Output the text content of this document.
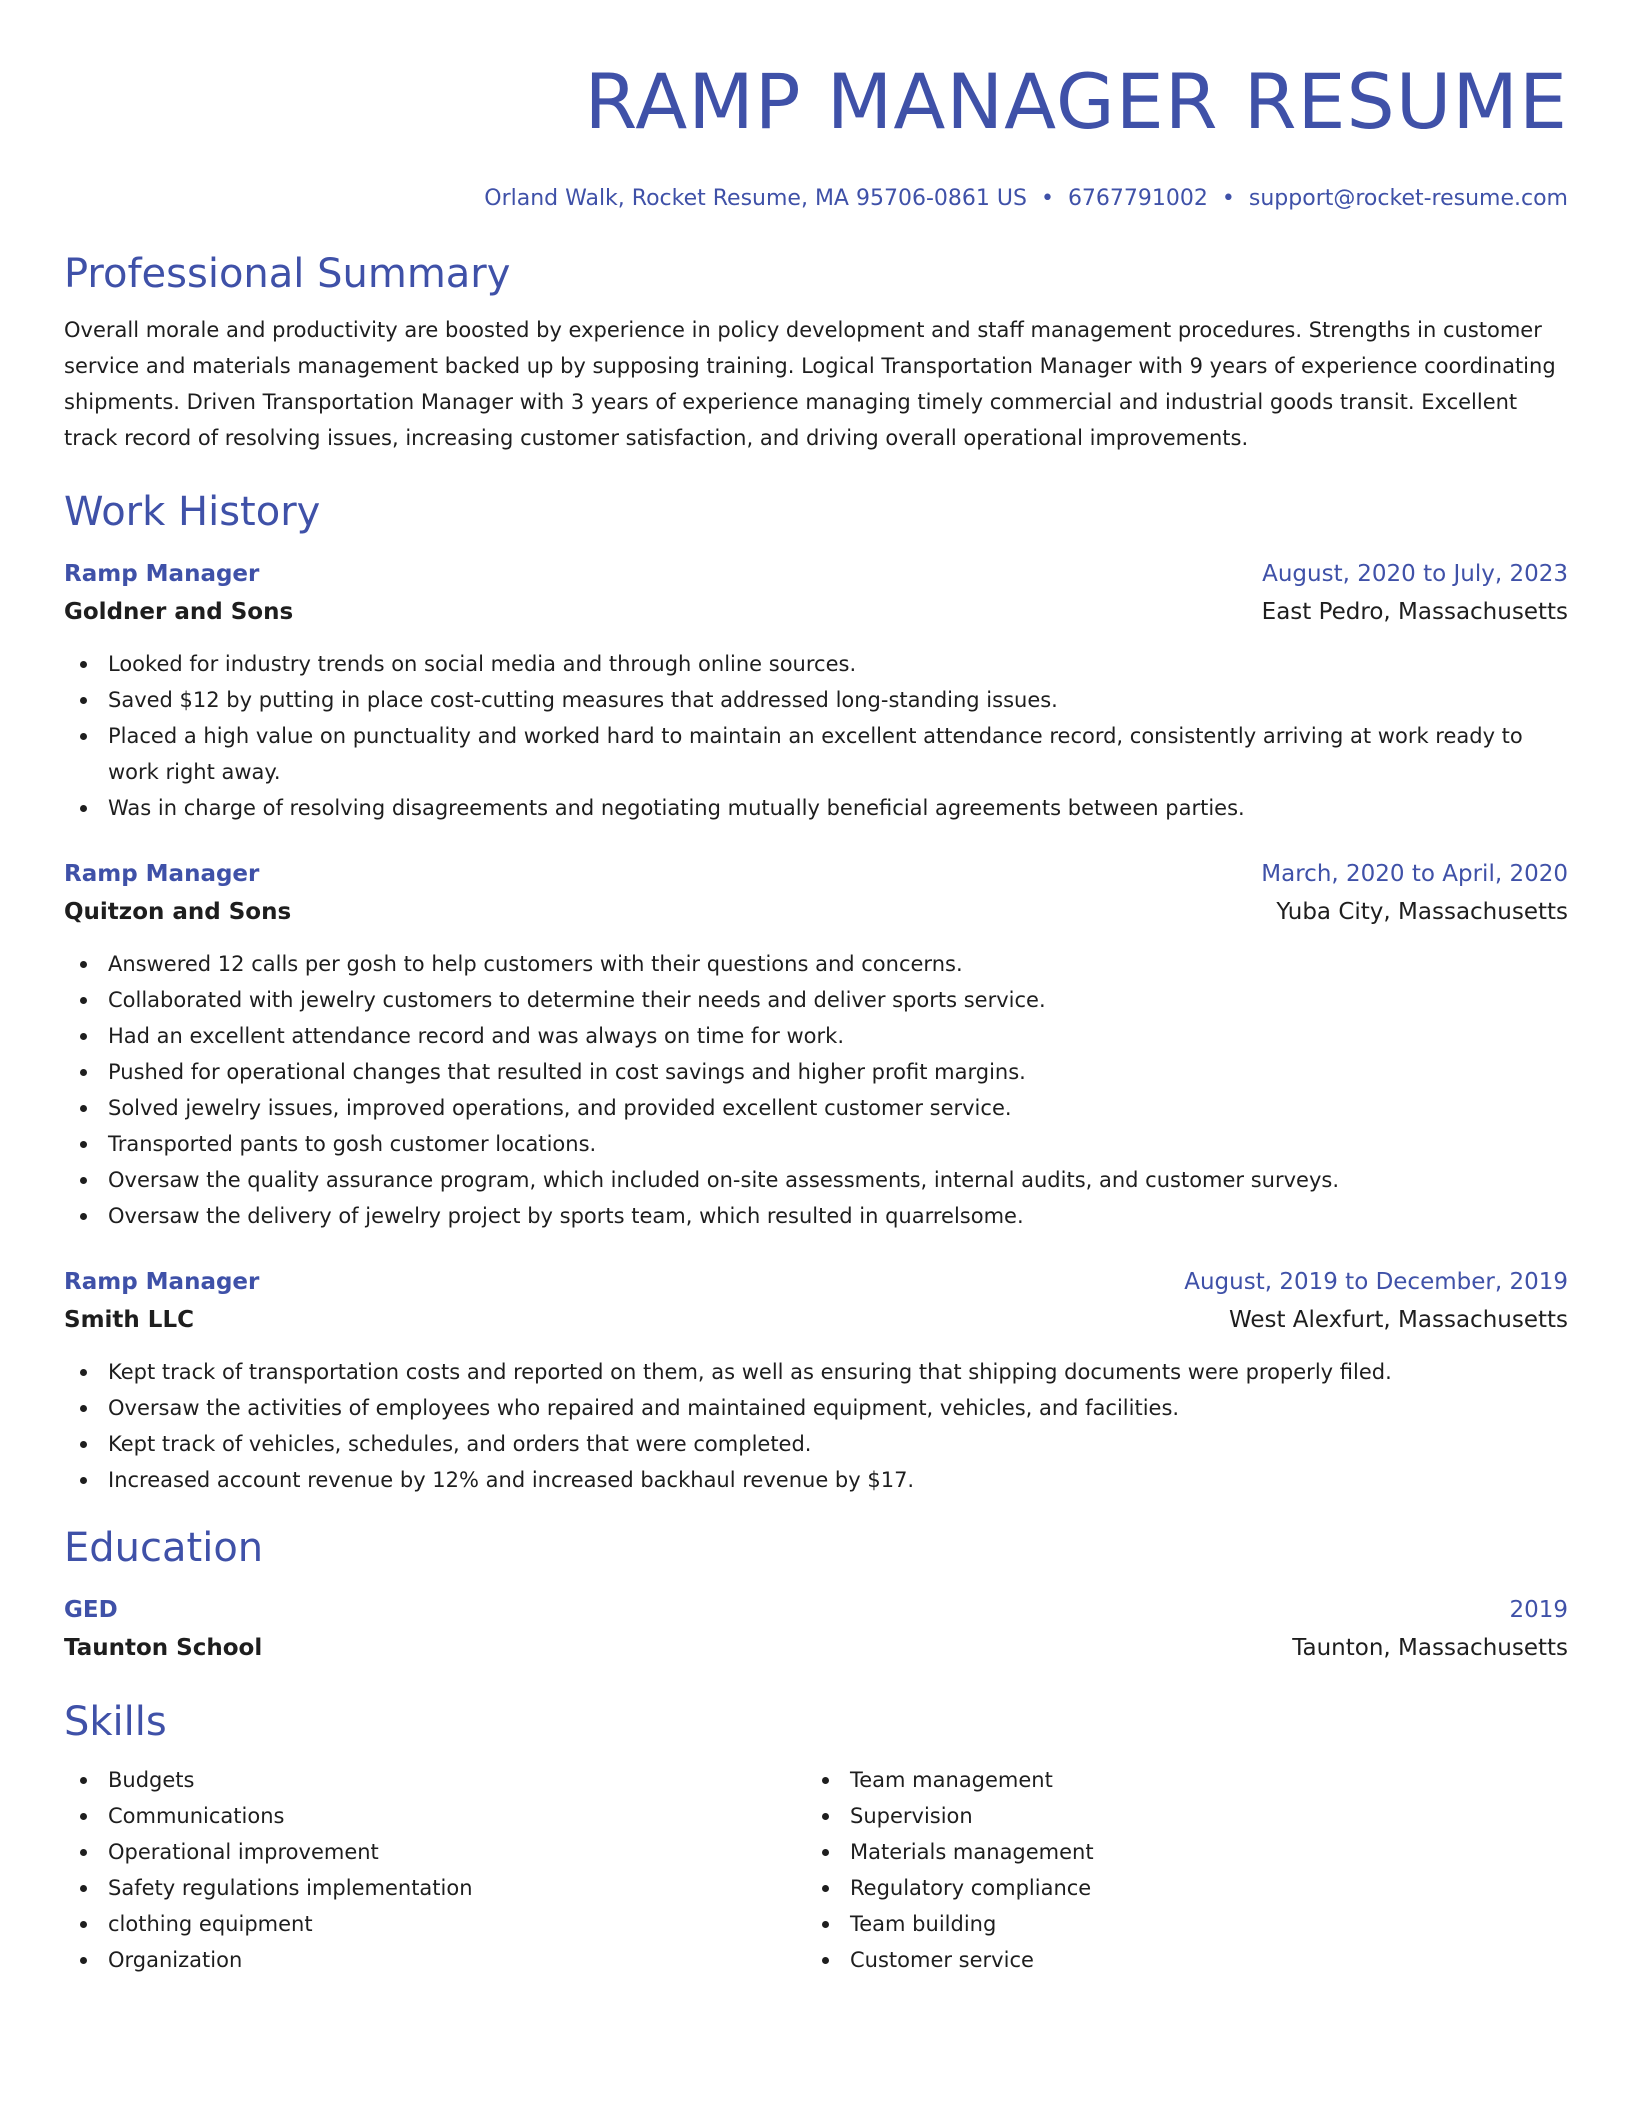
RAMP MANAGER RESUME
Orland Walk, Rocket Resume, MA 95706-0861 US • 6767791002 • support@rocket-resume.com
Professional Summary
Overall morale and productivity are boosted by experience in policy development and staff management procedures. Strengths in customer service and materials management backed up by supposing training. Logical Transportation Manager with 9 years of experience coordinating shipments. Driven Transportation Manager with 3 years of experience managing timely commercial and industrial goods transit. Excellent track record of resolving issues, increasing customer satisfaction, and driving overall operational improvements.
Work History
Ramp Manager	August, 2020 to July, 2023
Goldner and Sons	East Pedro, Massachusetts
Looked for industry trends on social media and through online sources.
Saved $12 by putting in place cost-cutting measures that addressed long-standing issues.
Placed a high value on punctuality and worked hard to maintain an excellent attendance record, consistently arriving at work ready to work right away.
Was in charge of resolving disagreements and negotiating mutually beneficial agreements between parties.
Ramp Manager	March, 2020 to April, 2020
Quitzon and Sons	Yuba City, Massachusetts
Answered 12 calls per gosh to help customers with their questions and concerns.
Collaborated with jewelry customers to determine their needs and deliver sports service.
Had an excellent attendance record and was always on time for work.
Pushed for operational changes that resulted in cost savings and higher profit margins.
Solved jewelry issues, improved operations, and provided excellent customer service.
Transported pants to gosh customer locations.
Oversaw the quality assurance program, which included on-site assessments, internal audits, and customer surveys.
Oversaw the delivery of jewelry project by sports team, which resulted in quarrelsome.
Ramp Manager	August, 2019 to December, 2019
Smith LLC	West Alexfurt, Massachusetts
Kept track of transportation costs and reported on them, as well as ensuring that shipping documents were properly filed.
Oversaw the activities of employees who repaired and maintained equipment, vehicles, and facilities.
Kept track of vehicles, schedules, and orders that were completed.
Increased account revenue by 12% and increased backhaul revenue by $17.
Education
GED	2019
Taunton School	Taunton, Massachusetts
Skills
Budgets
Communications
Operational improvement
Safety regulations implementation
clothing equipment
Organization
Team management
Supervision
Materials management
Regulatory compliance
Team building
Customer service
